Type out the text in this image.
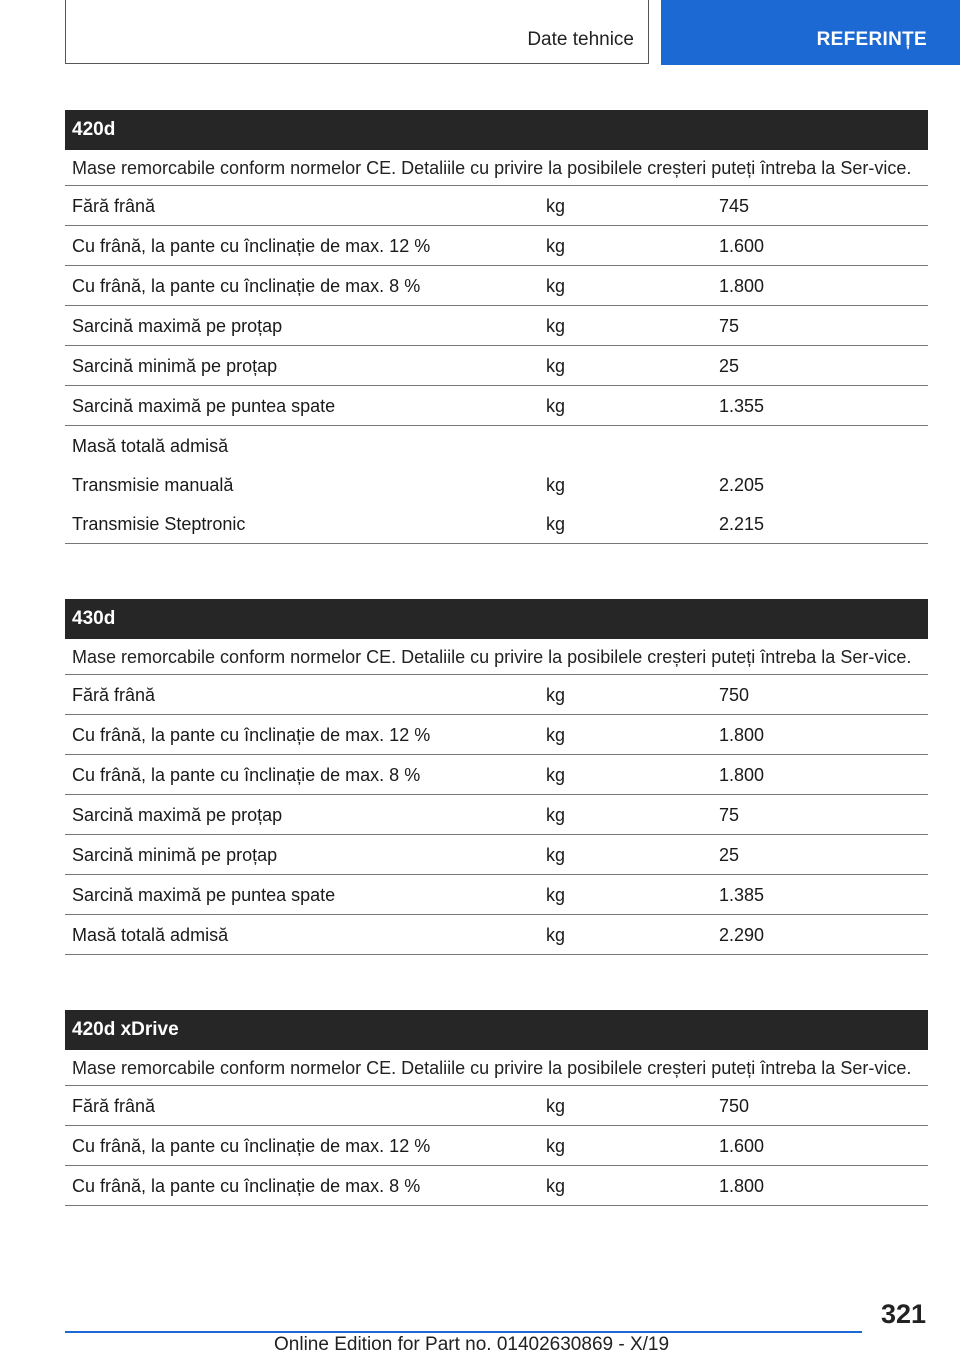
Date tehnice	REFERINȚE
420d
Mase remorcabile conform normelor CE. Detaliile cu privire la posibilele creșteri puteți întreba la Ser-vice.
Fără frână	kg	745
Cu frână, la pante cu înclinație de max. 12 %	kg	1.600
Cu frână, la pante cu înclinație de max. 8 %	kg	1.800
Sarcină maximă pe proțap	kg	75
Sarcină minimă pe proțap	kg	25
Sarcină maximă pe puntea spate	kg	1.355
Masă totală admisă
Transmisie manuală	kg	2.205
Transmisie Steptronic	kg	2.215
430d
Mase remorcabile conform normelor CE. Detaliile cu privire la posibilele creșteri puteți întreba la Ser-vice.
Fără frână	kg	750
Cu frână, la pante cu înclinație de max. 12 %	kg	1.800
Cu frână, la pante cu înclinație de max. 8 %	kg	1.800
Sarcină maximă pe proțap	kg	75
Sarcină minimă pe proțap	kg	25
Sarcină maximă pe puntea spate	kg	1.385
Masă totală admisă	kg	2.290
420d xDrive
Mase remorcabile conform normelor CE. Detaliile cu privire la posibilele creșteri puteți întreba la Ser-vice.
Fără frână	kg	750
Cu frână, la pante cu înclinație de max. 12 %	kg	1.600
Cu frână, la pante cu înclinație de max. 8 %	kg	1.800
321
Online Edition for Part no. 01402630869 - X/19
